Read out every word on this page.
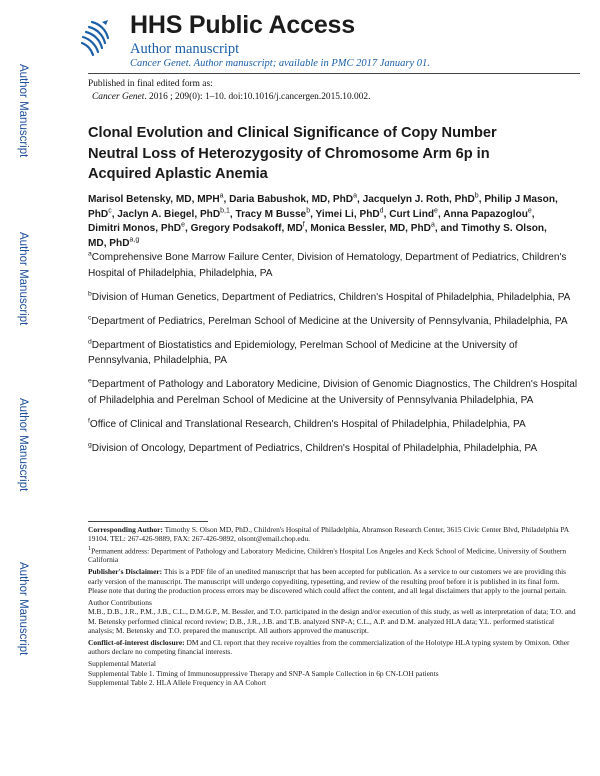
HHS Public Access
Author manuscript
Cancer Genet. Author manuscript; available in PMC 2017 January 01.
Published in final edited form as:
Cancer Genet. 2016 ; 209(0): 1–10. doi:10.1016/j.cancergen.2015.10.002.
Author Manuscript
Author Manuscript
Author Manuscript
Author Manuscript
Clonal Evolution and Clinical Significance of Copy Number Neutral Loss of Heterozygosity of Chromosome Arm 6p in Acquired Aplastic Anemia
Marisol Betensky, MD, MPH$^a$, Daria Babushok, MD, PhD$^a$, Jacquelyn J. Roth, PhD$^b$, Philip J Mason, PhD$^c$, Jaclyn A. Biegel, PhD$^{b,1}$, Tracy M Busse$^b$, Yimei Li, PhD$^d$, Curt Lind$^e$, Anna Papazoglou$^e$, Dimitri Monos, PhD$^e$, Gregory Podsakoff, $MD^f$, Monica Bessler, MD, PhD$^a$, and Timothy S. Olson, MD, PhD$^{a,g}$

$^a$Comprehensive Bone Marrow Failure Center, Division of Hematology, Department of Pediatrics, Children's Hospital of Philadelphia, Philadelphia, PA

$^b$Division of Human Genetics, Department of Pediatrics, Children's Hospital of Philadelphia, Philadelphia, PA

$^c$Department of Pediatrics, Perelman School of Medicine at the University of Pennsylvania, Philadelphia, PA

$^d$Department of Biostatistics and Epidemiology, Perelman School of Medicine at the University of Pennsylvania, Philadelphia, PA

$^e$Department of Pathology and Laboratory Medicine, Division of Genomic Diagnostics, The Children's Hospital of Philadelphia and Perelman School of Medicine at the University of Pennsylvania Philadelphia, PA

$^f$Office of Clinical and Translational Research, Children's Hospital of Philadelphia, Philadelphia, PA

$^g$Division of Oncology, Department of Pediatrics, Children's Hospital of Philadelphia, Philadelphia, PA

Corresponding Author: Timothy S. Olson MD, PhD., Children's Hospital of Philadelphia, Abramson Research Center, 3615 Civic Center Blvd, Philadelphia PA 19104. TEL: 267-426-9889, FAX: 267-426-9892, olsont@email.chop.edu.

$^1$Permanent address: Department of Pathology and Laboratory Medicine, Children's Hospital Los Angeles and Keck School of Medicine, University of Southern California

Publisher's Disclaimer: This is a PDF file of an unedited manuscript that has been accepted for publication. As a service to our customers we are providing this early version of the manuscript. The manuscript will undergo copyediting, typesetting, and review of the resulting proof before it is published in its final form. Please note that during the production process errors may be discovered which could affect the content, and all legal disclaimers that apply to the journal pertain.

Author Contributions

M.B., D.B., J.R., P.M., J.B., C.L., D.M.G.P., M. Bessler, and T.O. participated in the design and/or execution of this study, as well as interpretation of data; T.O. and M. Betensky performed clinical record review; D.B., J.R., J.B. and T.B. analyzed SNP-A; C.L., A.P. and D.M. analyzed HLA data; Y.L. performed statistical analysis; M. Betensky and T.O. prepared the manuscript. All authors approved the manuscript.

Conflict-of-interest disclosure: DM and CL report that they receive royalties from the commercialization of the Holotype HLA typing system by Omixon. Other authors declare no competing financial interests.

Supplemental Material

Supplemental Table 1. Timing of Immunosuppressive Therapy and SNP-A Sample Collection in 6p CN-LOH patients

Supplemental Table 2. HLA Allele Frequency in AA Cohort
